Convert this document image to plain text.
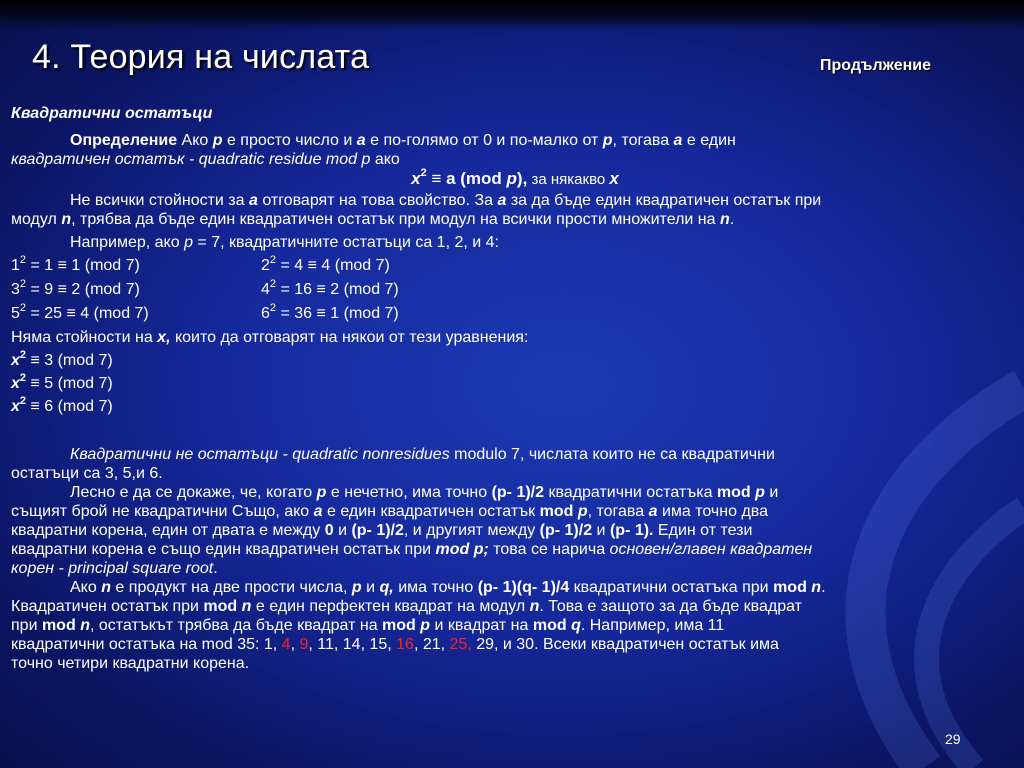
4. Теория на числата	Продължение
Квадратични остатъци
Определение Ако p е просто число и a е по-голямо от 0 и по-малко от p, тогава a е един
квадратичен остатък - quadratic residue mod p ако
$x^2 \equiv a$ (mod p), за някакво x
Не всички стойности за a отговарят на това свойство. За a за да бъде един квадратичен остатък при
модул n, трябва да бъде един квадратичен остатък при модул на всички прости множители на n.
Например, ако p = 7, квадратичните остатъци са 1, 2, и 4:
$1^2 = 1 \equiv 1$ (mod 7)	$2^2 = 4 \equiv 4$ (mod 7)
$3^2 = 9 \equiv 2$ (mod 7)	$4^2 = 16 \equiv 2$ (mod 7)
$5^2 = 25 \equiv 4$ (mod 7)	$6^2 = 36 \equiv 1$ (mod 7)
Няма стойности на x, които да отговарят на някои от тези уравнения:
$x^2 \equiv 3$ (mod 7)
$x^2 \equiv 5$ (mod 7)
$x^2 \equiv 6$ (mod 7)
Квадратични не остатъци - quadratic nonresidues modulo 7, числата които не са квадратични
остатъци са 3, 5,и 6.
Лесно е да се докаже, че, когато p е нечетно, има точно (p- 1)/2 квадратични остатъка mod p и
същият брой не квадратични Също, ако a е един квадратичен остатък mod p, тогава a има точно два
квадратни корена, един от двата е между 0 и (p- 1)/2, и другият между (p- 1)/2 и (p- 1). Един от тези
квадратни корена е също един квадратичен остатък при mod p; това се нарича основен/главен квадратен
корен - principal square root.
Ако n е продукт на две прости числа, p и q, има точно (p- 1)(q- 1)/4 квадратични остатъка при mod n.
Квадратичен остатък при mod n е един перфектен квадрат на модул n. Това е защото за да бъде квадрат
при mod n, остатъкът трябва да бъде квадрат на mod p и квадрат на mod q. Например, има 11
квадратични остатъка на mod 35: 1, 4, 9, 11, 14, 15, 16, 21, 25, 29, и 30. Всеки квадратичен остатък има
точно четири квадратни корена.
29
